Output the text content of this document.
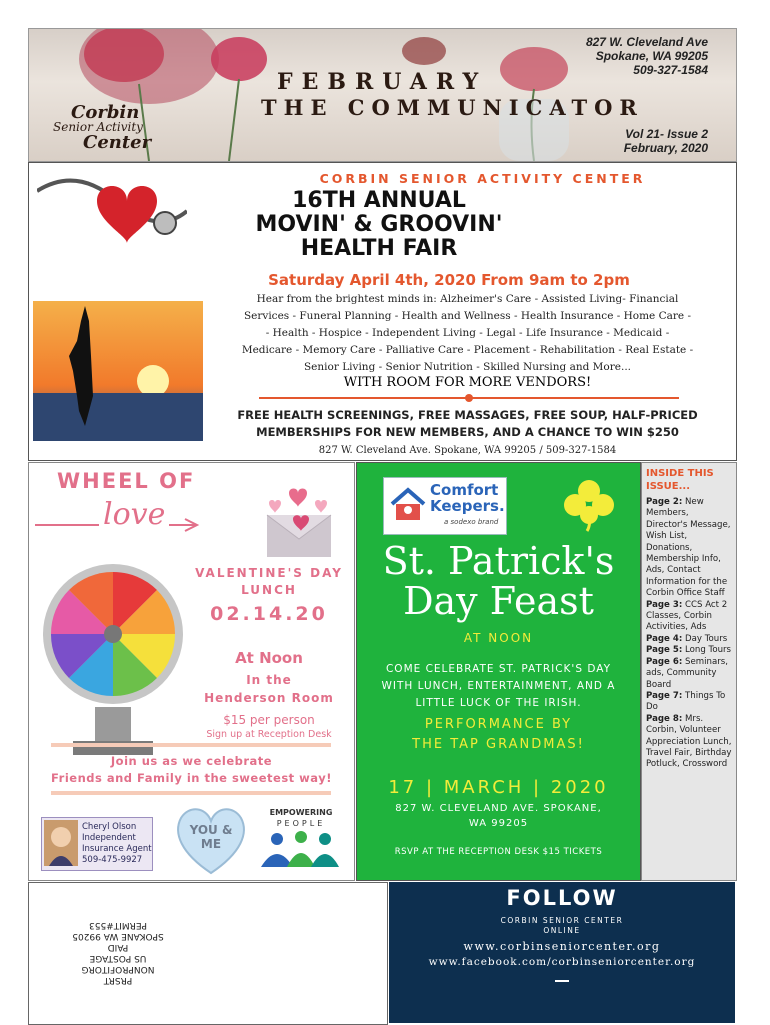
827 W. Cleveland Ave
Spokane, WA 99205
509-327-1584
FEBRUARY
THE COMMUNICATOR
Corbin
Senior Activity
Center	Vol 21- Issue 2
February, 2020
CORBIN SENIOR ACTIVITY CENTER
16TH ANNUAL
MOVIN' & GROOVIN'
HEALTH FAIR
Saturday April 4th, 2020 From 9am to 2pm
Hear from the brightest minds in: Alzheimer's Care - Assisted Living- Financial
Services - Funeral Planning - Health and Wellness - Health Insurance - Home Care -
- Health - Hospice - Independent Living - Legal - Life Insurance - Medicaid -
Medicare - Memory Care - Palliative Care - Placement - Rehabilitation - Real Estate -
Senior Living - Senior Nutrition - Skilled Nursing and More...
WITH ROOM FOR MORE VENDORS!
FREE HEALTH SCREENINGS, FREE MASSAGES, FREE SOUP, HALF-PRICED
MEMBERSHIPS FOR NEW MEMBERS, AND A CHANCE TO WIN $250
827 W. Cleveland Ave. Spokane, WA 99205 / 509-327-1584
WHEEL OF
love
VALENTINE'S DAY
LUNCH
02.14.20
At Noon
In the
Henderson Room
$15 per person
Sign up at Reception Desk
Join us as we celebrate
Friends and Family in the sweetest way!
Cheryl Olson
Independent
Insurance Agent
509-475-9927
YOU &
ME
EMPOWERING
PEOPLE
Comfort
Keepers.
a sodexo brand
St. Patrick's
Day Feast
AT NOON
COME CELEBRATE ST. PATRICK'S DAY
WITH LUNCH, ENTERTAINMENT, AND A
LITTLE LUCK OF THE IRISH.
PERFORMANCE BY
THE TAP GRANDMAS!
17 | MARCH | 2020
827 W. CLEVELAND AVE. SPOKANE,
WA 99205
RSVP AT THE RECEPTION DESK $15 TICKETS
INSIDE THIS
ISSUE...
Page 2: New Members, Director's Message, Wish List, Donations, Membership Info, Ads, Contact Information for the Corbin Office Staff
Page 3: CCS Act 2 Classes, Corbin Activities, Ads
Page 4: Day Tours
Page 5: Long Tours
Page 6: Seminars, ads, Community Board
Page 7: Things To Do
Page 8: Mrs. Corbin, Volunteer Appreciation Lunch, Travel Fair, Birthday Potluck, Crossword
PRSRT
NONPROFITORG
US POSTAGE
PAID
SPOKANE WA 99205
PERMIT#553
FOLLOW
CORBIN SENIOR CENTER
ONLINE
www.corbinseniorcenter.org
www.facebook.com/corbinseniorcenter.org
